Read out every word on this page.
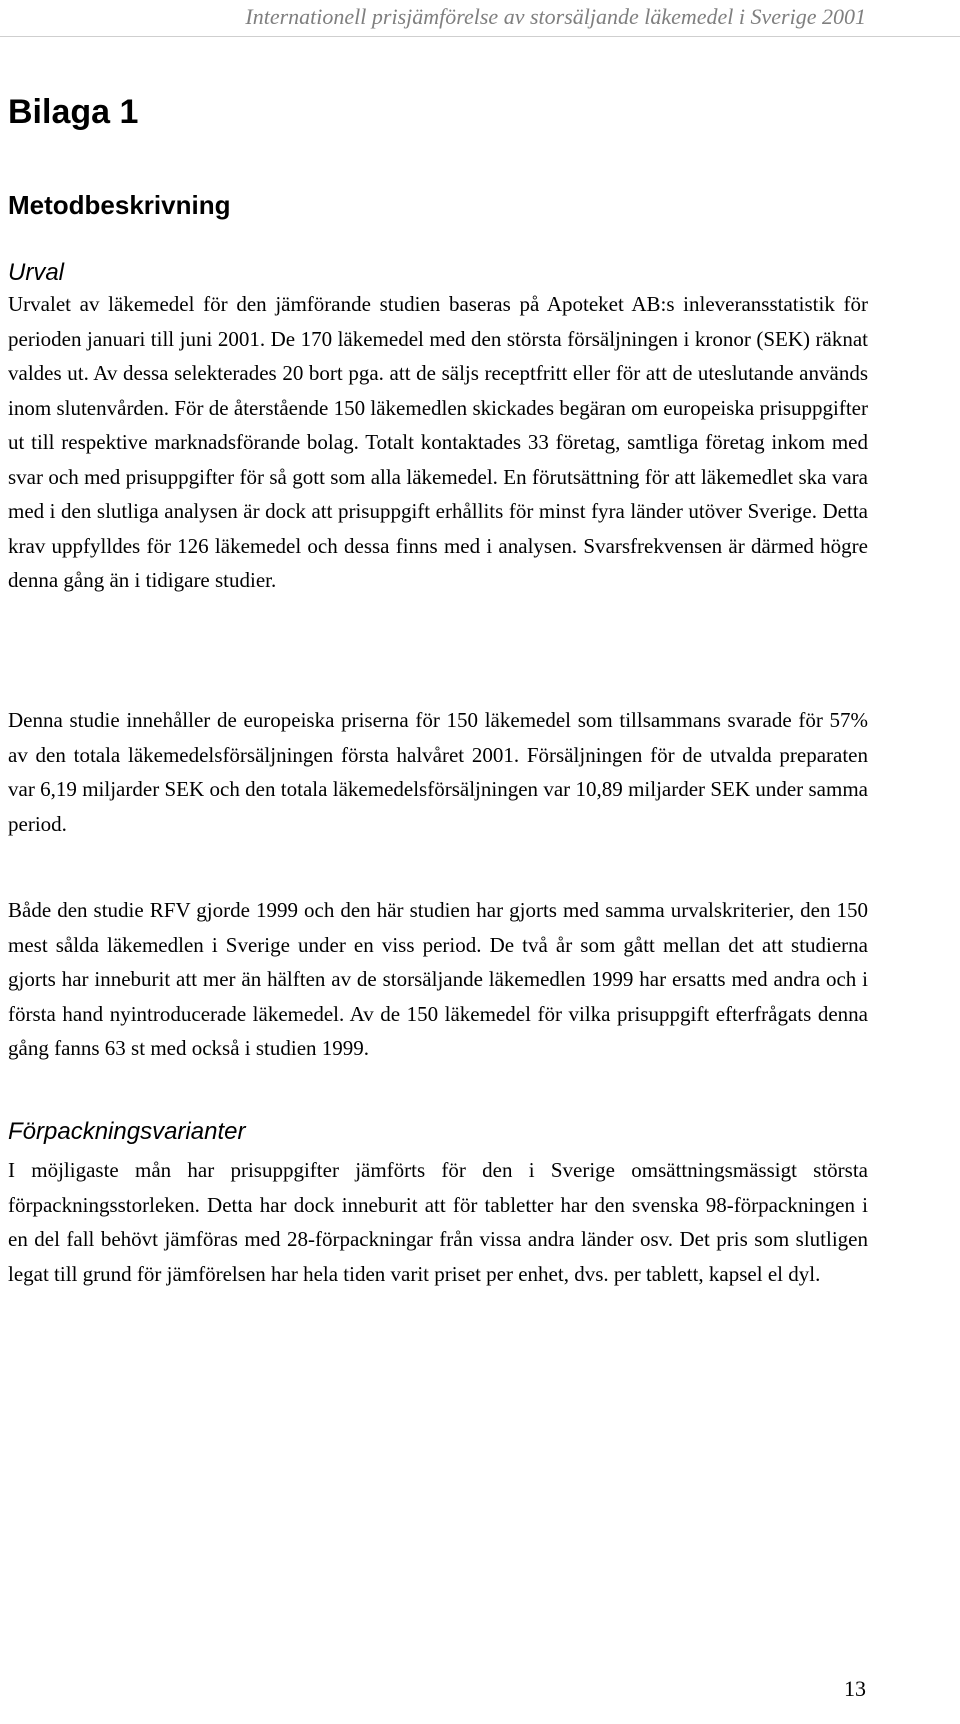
Internationell prisjämförelse av storsäljande läkemedel i Sverige 2001
Bilaga 1
Metodbeskrivning
Urval

Urvalet av läkemedel för den jämförande studien baseras på Apoteket AB:s inleveransstatistik för perioden januari till juni 2001. De 170 läkemedel med den största försäljningen i kronor (SEK) räknat valdes ut. Av dessa selekterades 20 bort pga. att de säljs receptfritt eller för att de uteslutande används inom slutenvården. För de återstående 150 läkemedlen skickades begäran om europeiska prisuppgifter ut till respektive marknadsförande bolag. Totalt kontaktades 33 företag, samtliga företag inkom med svar och med prisuppgifter för så gott som alla läkemedel. En förutsättning för att läkemedlet ska vara med i den slutliga analysen är dock att prisuppgift erhållits för minst fyra länder utöver Sverige. Detta krav uppfylldes för 126 läkemedel och dessa finns med i analysen. Svarsfrekvensen är därmed högre denna gång än i tidigare studier.

Denna studie innehåller de europeiska priserna för 150 läkemedel som tillsammans svarade för 57% av den totala läkemedelsförsäljningen första halvåret 2001. Försäljningen för de utvalda preparaten var 6,19 miljarder SEK och den totala läkemedelsförsäljningen var 10,89 miljarder SEK under samma period.

Både den studie RFV gjorde 1999 och den här studien har gjorts med samma urvalskriterier, den 150 mest sålda läkemedlen i Sverige under en viss period. De två år som gått mellan det att studierna gjorts har inneburit att mer än hälften av de storsäljande läkemedlen 1999 har ersatts med andra och i första hand nyintroducerade läkemedel. Av de 150 läkemedel för vilka prisuppgift efterfrågats denna gång fanns 63 st med också i studien 1999.

Förpackningsvarianter

I möjligaste mån har prisuppgifter jämförts för den i Sverige omsättningsmässigt största förpackningsstorleken. Detta har dock inneburit att för tabletter har den svenska 98-förpackningen i en del fall behövt jämföras med 28-förpackningar från vissa andra länder osv. Det pris som slutligen legat till grund för jämförelsen har hela tiden varit priset per enhet, dvs. per tablett, kapsel el dyl.

13
